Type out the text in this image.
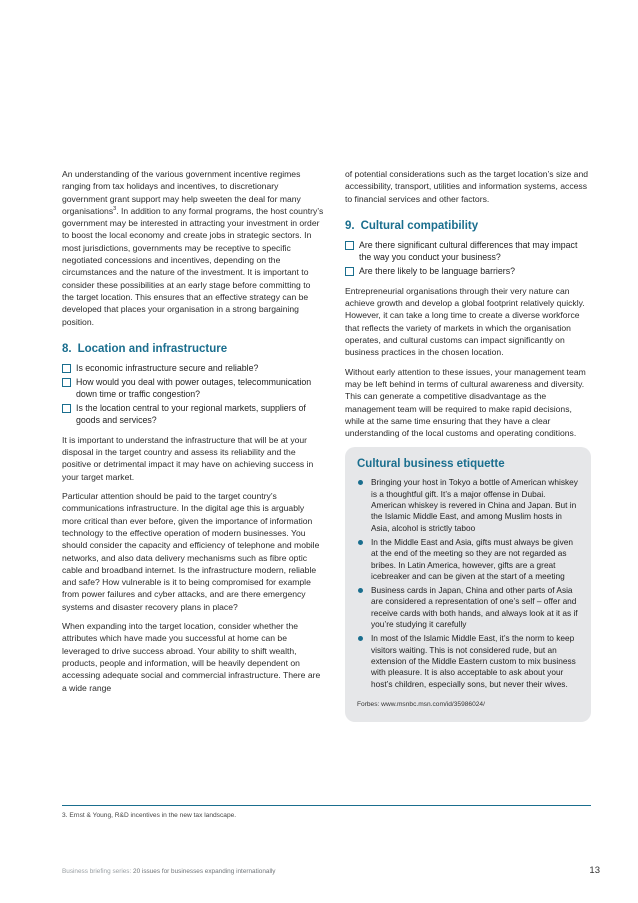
An understanding of the various government incentive regimes ranging from tax holidays and incentives, to discretionary government grant support may help sweeten the deal for many organisations$^3$. In addition to any formal programs, the host country’s government may be interested in attracting your investment in order to boost the local economy and create jobs in strategic sectors. In most jurisdictions, governments may be receptive to specific negotiated concessions and incentives, depending on the circumstances and the nature of the investment. It is important to consider these possibilities at an early stage before committing to the target location. This ensures that an effective strategy can be developed that places your organisation in a strong bargaining position.

8. Location and infrastructure
Is economic infrastructure secure and reliable?
How would you deal with power outages, telecommunication down time or traffic congestion?
Is the location central to your regional markets, suppliers of goods and services?

It is important to understand the infrastructure that will be at your disposal in the target country and assess its reliability and the positive or detrimental impact it may have on achieving success in your target market.

Particular attention should be paid to the target country’s communications infrastructure. In the digital age this is arguably more critical than ever before, given the importance of information technology to the effective operation of modern businesses. You should consider the capacity and efficiency of telephone and mobile networks, and also data delivery mechanisms such as fibre optic cable and broadband internet. Is the infrastructure modern, reliable and safe? How vulnerable is it to being compromised for example from power failures and cyber attacks, and are there emergency systems and disaster recovery plans in place?

When expanding into the target location, consider whether the attributes which have made you successful at home can be leveraged to drive success abroad. Your ability to shift wealth, products, people and information, will be heavily dependent on accessing adequate social and commercial infrastructure. There are a wide range

of potential considerations such as the target location’s size and accessibility, transport, utilities and information systems, access to financial services and other factors.

9. Cultural compatibility
Are there significant cultural differences that may impact the way you conduct your business?
Are there likely to be language barriers?

Entrepreneurial organisations through their very nature can achieve growth and develop a global footprint relatively quickly. However, it can take a long time to create a diverse workforce that reflects the variety of markets in which the organisation operates, and cultural customs can impact significantly on business practices in the chosen location.

Without early attention to these issues, your management team may be left behind in terms of cultural awareness and diversity. This can generate a competitive disadvantage as the management team will be required to make rapid decisions, while at the same time ensuring that they have a clear understanding of the local customs and operating conditions.

Cultural business etiquette
Bringing your host in Tokyo a bottle of American whiskey is a thoughtful gift. It’s a major offense in Dubai. American whiskey is revered in China and Japan. But in the Islamic Middle East, and among Muslim hosts in Asia, alcohol is strictly taboo
In the Middle East and Asia, gifts must always be given at the end of the meeting so they are not regarded as bribes. In Latin America, however, gifts are a great icebreaker and can be given at the start of a meeting
Business cards in Japan, China and other parts of Asia are considered a representation of one’s self – offer and receive cards with both hands, and always look at it as if you’re studying it carefully
In most of the Islamic Middle East, it’s the norm to keep visitors waiting. This is not considered rude, but an extension of the Middle Eastern custom to mix business with pleasure. It is also acceptable to ask about your host’s children, especially sons, but never their wives.
Forbes: www.msnbc.msn.com/id/35986024/
3. Ernst & Young, R&D incentives in the new tax landscape.
Business briefing series: 20 issues for businesses expanding internationally	13
